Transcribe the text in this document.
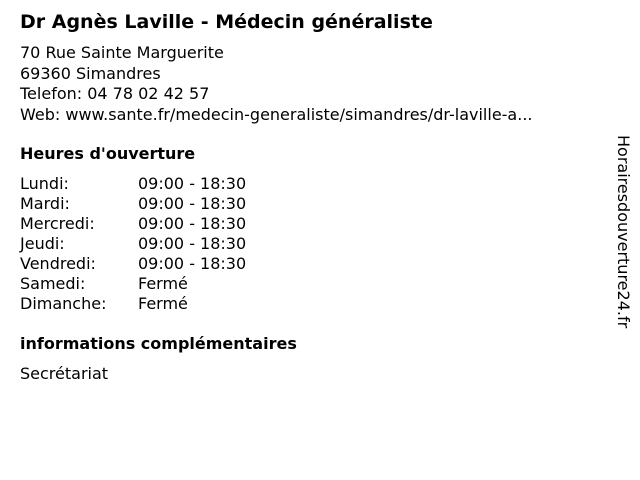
Dr Agnès Laville - Médecin généraliste
70 Rue Sainte Marguerite
69360 Simandres
Telefon: 04 78 02 42 57
Web: www.sante.fr/medecin-generaliste/simandres/dr-laville-a...
Heures d'ouverture
Lundi:	09:00 - 18:30
Mardi:	09:00 - 18:30
Mercredi:	09:00 - 18:30
Jeudi:	09:00 - 18:30
Vendredi:	09:00 - 18:30
Samedi:	Fermé
Dimanche: Fermé
informations complémentaires
Secrétariat
Horairesdouverture24.fr
